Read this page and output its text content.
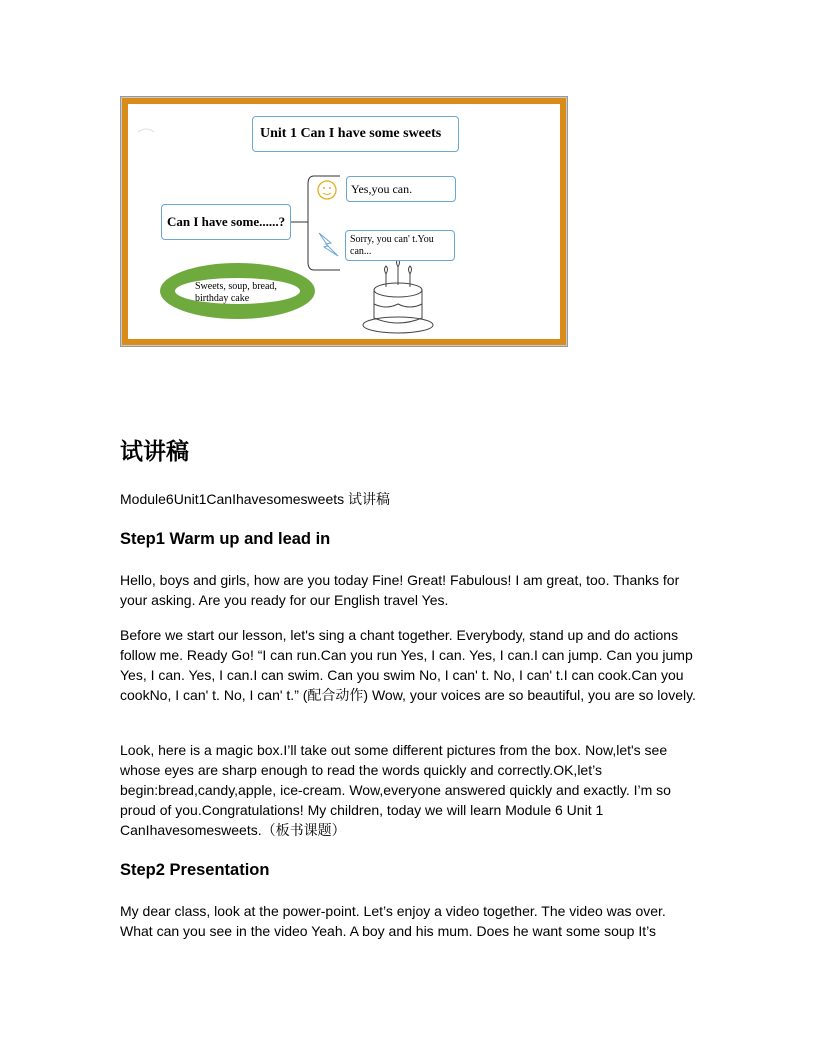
Unit 1 Can I have some sweets
Can I have some......?
Yes,you can.
Sorry, you can' t.You can...
Sweets, soup, bread, birthday cake
试讲稿
Module6Unit1CanIhavesomesweets 试讲稿
Step1 Warm up and lead in

Hello, boys and girls, how are you today Fine! Great! Fabulous! I am great, too. Thanks for your asking. Are you ready for our English travel Yes.

Before we start our lesson, let's sing a chant together. Everybody, stand up and do actions follow me. Ready Go! “I can run.Can you run Yes, I can. Yes, I can.I can jump. Can you jump Yes, I can. Yes, I can.I can swim. Can you swim No, I can' t. No, I can' t.I can cook.Can you cookNo, I can' t. No, I can' t.” (配合动作) Wow, your voices are so beautiful, you are so lovely.

Look, here is a magic box.I’ll take out some different pictures from the box. Now,let's see whose eyes are sharp enough to read the words quickly and correctly.OK,let’s begin:bread,candy,apple, ice-cream. Wow,everyone answered quickly and exactly. I’m so proud of you.Congratulations! My children, today we will learn Module 6 Unit 1 CanIhavesomesweets.（板书课题）

Step2 Presentation

My dear class, look at the power-point. Let’s enjoy a video together. The video was over. What can you see in the video Yeah. A boy and his mum. Does he want some soup It’s
